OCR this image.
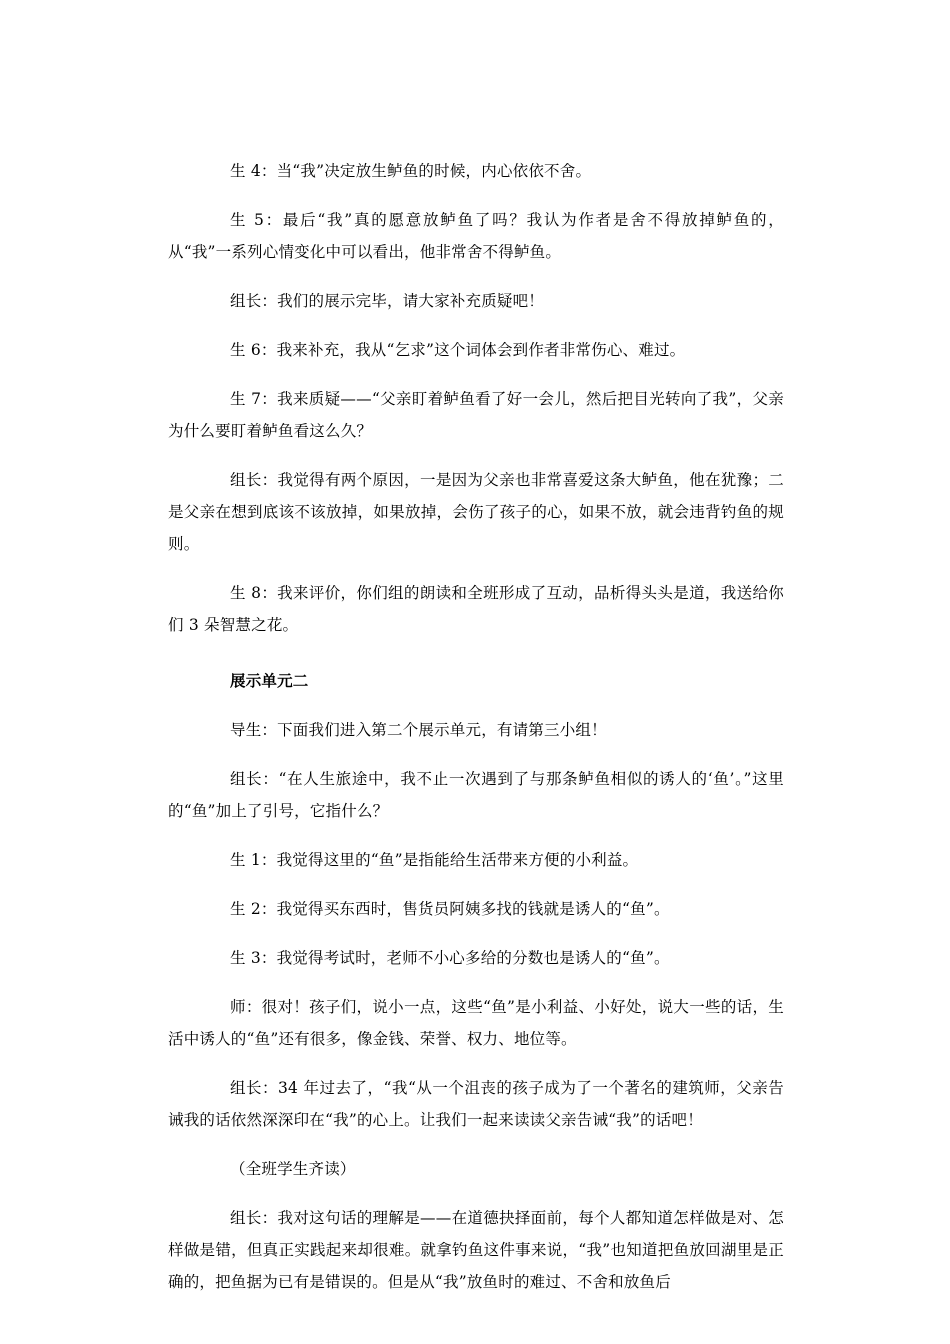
生 4：当“我”决定放生鲈鱼的时候，内心依依不舍。

生 5：最后“我”真的愿意放鲈鱼了吗？我认为作者是舍不得放掉鲈鱼的，从“我”一系列心情变化中可以看出，他非常舍不得鲈鱼。

组长：我们的展示完毕，请大家补充质疑吧！

生 6：我来补充，我从“乞求”这个词体会到作者非常伤心、难过。

生 7：我来质疑——“父亲盯着鲈鱼看了好一会儿，然后把目光转向了我”，父亲为什么要盯着鲈鱼看这么久？

组长：我觉得有两个原因，一是因为父亲也非常喜爱这条大鲈鱼，他在犹豫；二是父亲在想到底该不该放掉，如果放掉，会伤了孩子的心，如果不放，就会违背钓鱼的规则。

生 8：我来评价，你们组的朗读和全班形成了互动，品析得头头是道，我送给你们 3 朵智慧之花。

展示单元二

导生：下面我们进入第二个展示单元，有请第三小组！

组长：“在人生旅途中，我不止一次遇到了与那条鲈鱼相似的诱人的‘鱼’。”这里的“鱼”加上了引号，它指什么？

生 1：我觉得这里的“鱼”是指能给生活带来方便的小利益。

生 2：我觉得买东西时，售货员阿姨多找的钱就是诱人的“鱼”。

生 3：我觉得考试时，老师不小心多给的分数也是诱人的“鱼”。

师：很对！孩子们，说小一点，这些“鱼”是小利益、小好处，说大一些的话，生活中诱人的“鱼”还有很多，像金钱、荣誉、权力、地位等。

组长：34 年过去了，“我“从一个沮丧的孩子成为了一个著名的建筑师，父亲告诫我的话依然深深印在“我”的心上。让我们一起来读读父亲告诫“我”的话吧！

（全班学生齐读）

组长：我对这句话的理解是——在道德抉择面前，每个人都知道怎样做是对、怎样做是错，但真正实践起来却很难。就拿钓鱼这件事来说，“我”也知道把鱼放回湖里是正确的，把鱼据为已有是错误的。但是从“我”放鱼时的难过、不舍和放鱼后
